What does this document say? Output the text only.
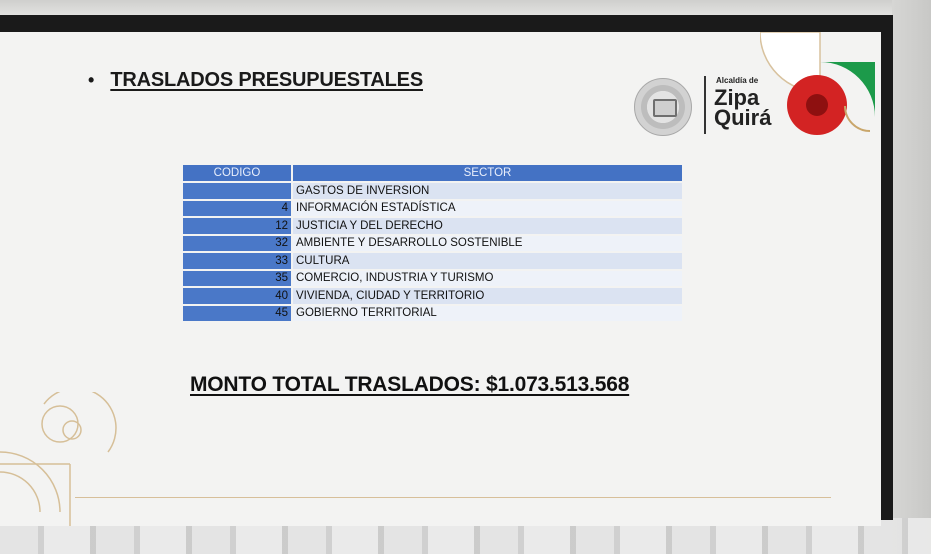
• TRASLADOS PRESUPUESTALES	Alcaldía de
Zipa
Quirá
CODIGO	SECTOR
	GASTOS DE INVERSION
4	INFORMACIÓN ESTADÍSTICA
12	JUSTICIA Y DEL DERECHO
32	AMBIENTE Y DESARROLLO SOSTENIBLE
33	CULTURA
35	COMERCIO, INDUSTRIA Y TURISMO
40	VIVIENDA, CIUDAD Y TERRITORIO
45	GOBIERNO TERRITORIAL
MONTO TOTAL TRASLADOS: $1.073.513.568
